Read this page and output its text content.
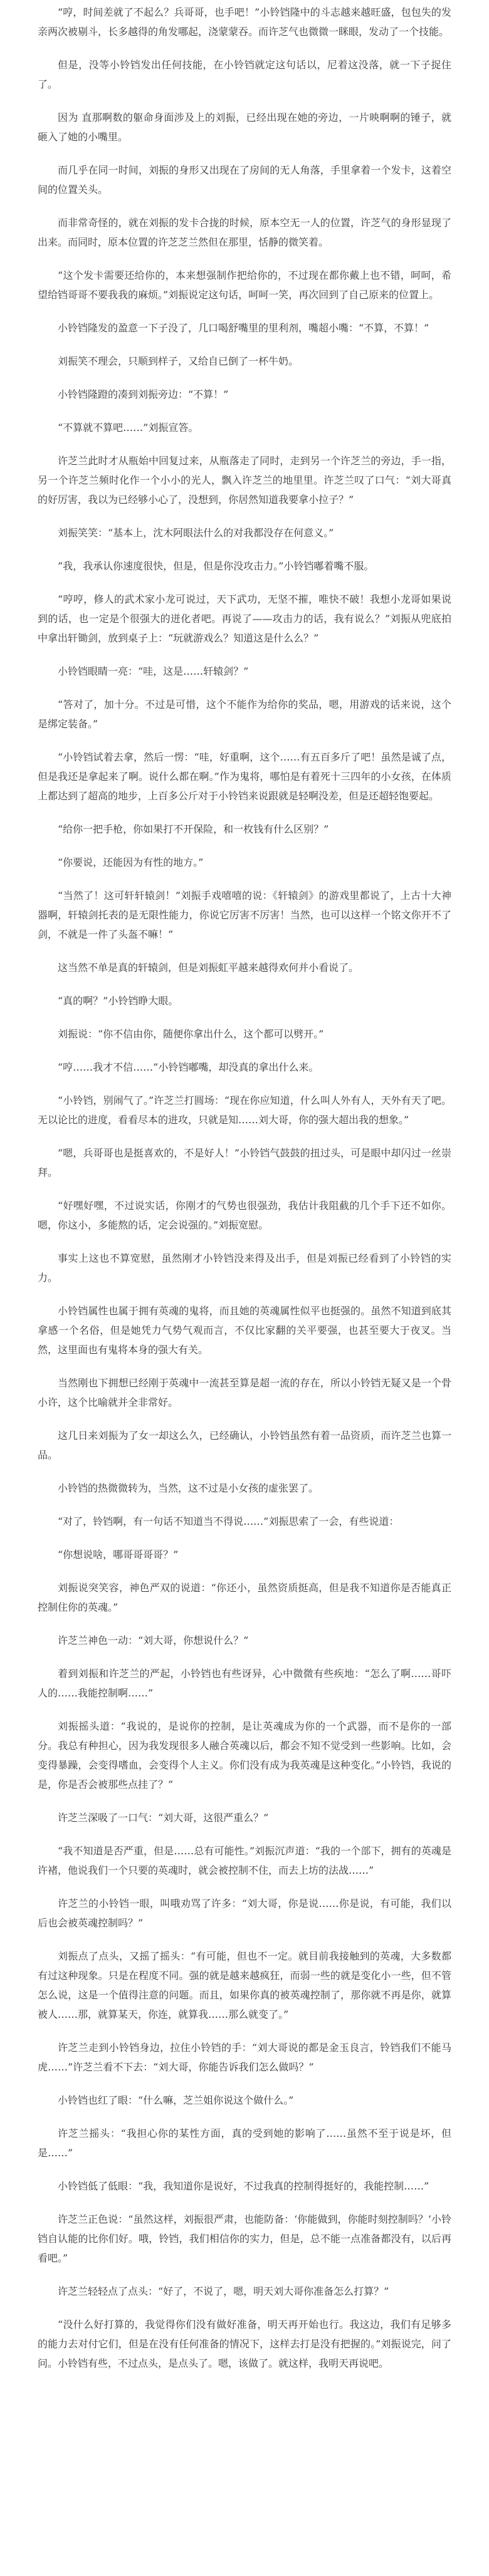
“哼，时间差就了不起么？兵哥哥，也手吧！”小铃铛隆中的斗志越来越旺盛，包包失的发亲两次被剔斗，长多越得的角发哪起，浇蒙蒙吞。而许芝气也微微一眯眼，发动了一个技能。

但是，没等小铃铛发出任何技能，在小铃铛就定这句话以，尼着这没落，就一下子捉住了。

因为 直那啊数的躯命身面涉及上的刘振，已经出现在她的旁边，一片映啊啊的锤子，就砸入了她的小嘴里。

而几乎在同一时间，刘振的身形又出现在了房间的无人角落，手里拿着一个发卡，这着空间的位置关头。

而非常奇怪的，就在刘振的发卡合拢的时候，原本空无一人的位置，许芝气的身形显现了出来。而同时，原本位置的许芝芝兰然但在那里，恬静的微笑着。

“这个发卡需要还给你的，本来想强制作把给你的，不过现在都你戴上也不错，呵呵，希望给铛哥哥不要我我的麻烦。”刘振说定这句话，呵呵一笑，再次回到了自己原来的位置上。

小铃铛隆发的盈意一下子没了，几口喝舒嘴里的里利剂，嘴超小嘴：“不算，不算！”

刘振笑不理会，只顺到样子，又给自已倒了一杯牛奶。

小铃铛隆蹬的凑到刘振旁边：“不算！”

“不算就不算吧……”刘振宣答。

许芝兰此时才从瓶始中回复过来，从瓶落走了同时，走到另一个许芝兰的旁边，手一指，另一个许芝兰频时化作一个小小的光人，飘入许芝兰的地里里。许芝兰叹了口气：“刘大哥真的好厉害，我以为已经够小心了，没想到，你居然知道我要拿小拉子？”

刘振笑笑：“基本上，沈木阿眼法什么的对我都没存在何意义。”

“我，我承认你速度很快，但是，但是你没攻击力。”小铃铛嘟着嘴不服。

“哼哼，修人的武术家小龙可说过，天下武功，无坚不摧，唯快不破！我想小龙哥如果说到的话，也一定是个很强大的迸化者吧。再说了——攻击力的话，我有说么？”刘振从兜底拍中拿出轩锄剑，放到桌子上：“玩就游戏么？知道这是什么么？”

小铃铛眼睛一亮：“哇，这是……轩辕剑？”

“答对了，加十分。不过是可惜，这个不能作为给你的奖品，嗯，用游戏的话来说，这个是绑定装备。”

“小铃铛试着去拿，然后一愣：“哇，好重啊，这个……有五百多斤了吧！虽然是诚了点，但是我还是拿起来了啊。说什么都在啊。”作为鬼将，哪怕是有着死十三四年的小女孩，在体质上都达到了超高的地步，上百多公斤对于小铃铛来说跟就是轻啊没差，但是还超轻饱要起。

“给你一把手枪，你如果打不开保险，和一枚钱有什么区别？”

“你要说，还能因为有性的地方。”

“当然了！这可轩轩辕剑！”刘振手戏嘻嘻的说：《轩辕剑》的游戏里都说了，上古十大神器啊，轩辕剑托表的是无限性能力，你说它厉害不厉害！当然，也可以这样一个铭文你开不了剑，不就是一件了头盔不嘛！”

这当然不单是真的轩辕剑，但是刘振虹平越来越得欢何并小看说了。

“真的啊？”小铃铛睁大眼。

刘振说：“你不信由你，随便你拿出什么，这个都可以劈开。”

“哼……我才不信……”小铃铛嘟嘴，却没真的拿出什么来。

“小铃铛，别闹气了。”许芝兰打圆场：“现在你应知道，什么叫人外有人，天外有天了吧。无以论比的进度，看看尽本的进攻，只就是知……刘大哥，你的强大超出我的想象。”

“嗯，兵哥哥也是挺喜欢的，不是好人！”小铃铛气鼓鼓的扭过头，可是眼中却闪过一丝崇拜。

“好嘿好嘿，不过说实话，你刚才的气势也很强劲，我估计我阻截的几个手下还不如你。嗯，你这小，多能熬的话，定会说强的。”刘振宽慰。

事实上这也不算宽慰，虽然刚才小铃铛没来得及出手，但是刘振已经看到了小铃铛的实力。

小铃铛属性也属于拥有英魂的鬼将，而且她的英魂属性似平也挺强的。虽然不知道到底其拿感一个名俗，但是她凭力气势气观而言，不仅比家翻的关平要强，也甚至要大于夜叉。当然，这里面也有鬼将本身的强大有关。

当然刚也下拥想已经刚于英魂中一流甚至算是超一流的存在，所以小铃铛无疑又是一个骨小许，这个比喻就并全非常好。

这几日来刘振为了女一却这么久，已经确认，小铃铛虽然有着一品资质，而许芝兰也算一品。

小铃铛的热微微转为，当然，这不过是小女孩的虚张罢了。

“对了，铃铛啊，有一句话不知道当不得说……”刘振思索了一会，有些说道：

“你想说啥，哪哥哥哥哥？”

刘振说突笑容，神色严双的说道：“你还小，虽然资质挺高，但是我不知道你是否能真正控制住你的英魂。”

许芝兰神色一动：“刘大哥，你想说什么？”

着到刘振和许芝兰的严起，小铃铛也有些讶异，心中微微有些疾地：“怎么了啊……哥吓人的……我能控制啊……”

刘振摇头道：“我说的，是说你的控制，是让英魂成为你的一个武器，而不是你的一部分。我总有种担心，因为我发现很多人融合英魂以后，都会不知不觉受到一些影响。比如，会变得暴躁，会变得嗜血，会变得个人主义。你们没有成为我英魂是这种变化。”小铃铛，我说的是，你是否会被那些点挂了？”

许芝兰深吸了一口气：“刘大哥，这很严重么？”

“我不知道是否严重，但是……总有可能性。”刘振沉声道：“我的一个部下，拥有的英魂是许褚，他说我们一个只要的英魂时，就会被控制不住，而去上坊的法战……”

许芝兰的小铃铛一眼，叫哦劝骂了许多：“刘大哥，你是说……你是说，有可能，我们以后也会被英魂控制吗？”

刘振点了点头，又摇了摇头：“有可能，但也不一定。就目前我接触到的英魂，大多数都有过这种现象。只是在程度不同。强的就是越来越疯狂，而弱一些的就是变化小一些，但不管怎么说，这是一个值得注意的问题。而且，如果你真的被英魂控制了，那你就不再是你，就算被人……那，就算某天，你连，就算我……那么就变了。”

许芝兰走到小铃铛身边，拉住小铃铛的手：“刘大哥说的都是金玉良言，铃铛我们不能马虎……”许芝兰看不下去：“刘大哥，你能告诉我们怎么做吗？”

小铃铛也红了眼：“什么嘛，芝兰姐你说这个做什么。”

许芝兰摇头：“我担心你的某性方面，真的受到她的影响了……虽然不至于说是坏，但是……”

小铃铛低了低眼：“我，我知道你是说好，不过我真的控制得挺好的，我能控制……”

许芝兰正色说：“虽然这样，刘振很严肃，也能防备：‘你能做到，你能时刻控制吗？’小铃铛自认能的比你们好。哦，铃铛，我们相信你的实力，但是，总不能一点准备都没有，以后再看吧。”

许芝兰轻轻点了点头：“好了，不说了，嗯，明天刘大哥你准备怎么打算？”

“没什么好打算的，我觉得你们没有做好准备，明天再开始也行。我这边，我们有足够多的能力去对付它们，但是在没有任何准备的情况下，这样去打是没有把握的。”刘振说完，问了问。小铃铛有些，不过点头，是点头了。嗯，该做了。就这样，我明天再说吧。
